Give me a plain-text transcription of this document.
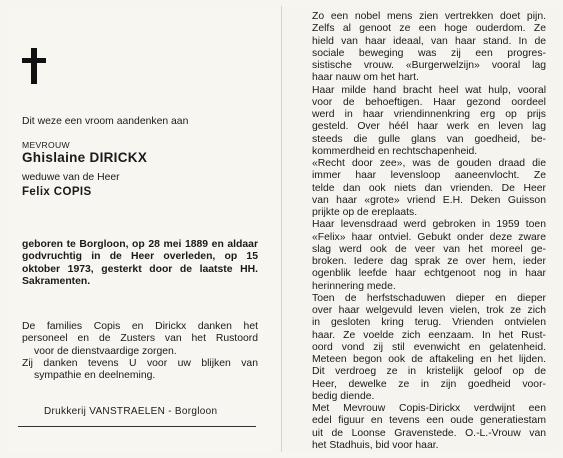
Dit weze een vroom aandenken aan
MEVROUW
Ghislaine DIRICKX
weduwe van de Heer
Felix COPIS
geboren te Borgloon, op 28 mei 1889 en aldaar
godvruchtig in de Heer overleden, op 15
oktober 1973, gesterkt door de laatste HH.
Sakramenten.
De families Copis en Dirickx danken het
personeel en de Zusters van het Rustoord
voor de dienstvaardige zorgen.
Zij danken tevens U voor uw blijken van
sympathie en deelneming.
Drukkerij VANSTRAELEN - Borgloon
Zo een nobel mens zien vertrekken doet pijn.
Zelfs al genoot ze een hoge ouderdom. Ze
hield van haar ideaal, van haar stand. In de
sociale beweging was zij een progres-
sistische vrouw. «Burgerwelzijn» vooral lag
haar nauw om het hart.
Haar milde hand bracht heel wat hulp, vooral
voor de behoeftigen. Haar gezond oordeel
werd in haar vriendinnenkring erg op prijs
gesteld. Over héél haar werk en leven lag
steeds die gulle glans van goedheid, be-
kommerdheid en rechtschapenheid.
«Recht door zee», was de gouden draad die
immer haar levensloop aaneenvlocht. Ze
telde dan ook niets dan vrienden. De Heer
van haar «grote» vriend E.H. Deken Guisson
prijkte op de ereplaats.
Haar levensdraad werd gebroken in 1959 toen
«Felix» haar ontviel. Gebukt onder deze zware
slag werd ook de veer van het moreel ge-
broken. Iedere dag sprak ze over hem, ieder
ogenblik leefde haar echtgenoot nog in haar
herinnering mede.
Toen de herfstschaduwen dieper en dieper
over haar welgevuld leven vielen, trok ze zich
in gesloten kring terug. Vrienden ontvielen
haar. Ze voelde zich eenzaam. In het Rust-
oord vond zij stil evenwicht en gelatenheid.
Meteen begon ook de aftakeling en het lijden.
Dit verdroeg ze in kristelijk geloof op de
Heer, dewelke ze in zijn goedheid voor-
bedig diende.
Met Mevrouw Copis-Dirickx verdwijnt een
edel figuur en tevens een oude generatiestam
uit de Loonse Gravenstede. O.-L.-Vrouw van
het Stadhuis, bid voor haar.
